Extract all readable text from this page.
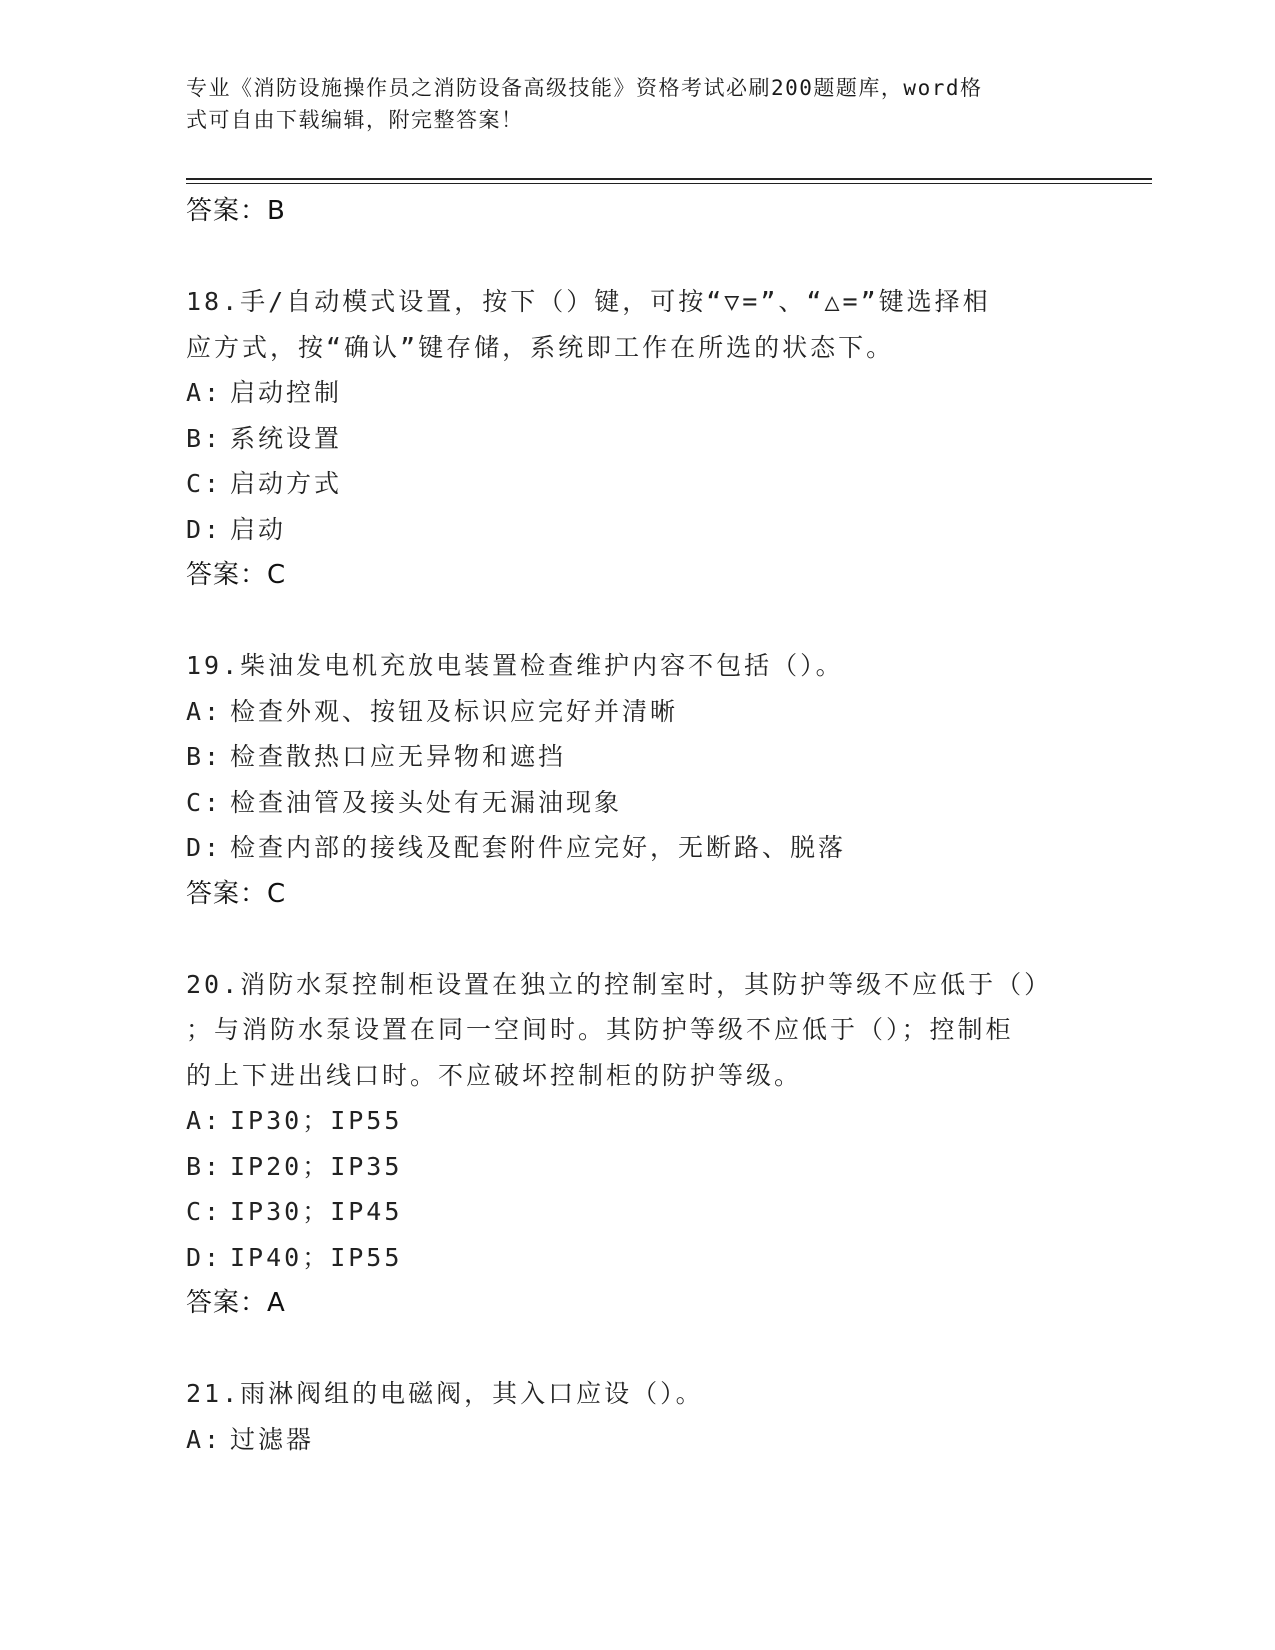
专业《消防设施操作员之消防设备高级技能》资格考试必刷200题题库，word格
式可自由下载编辑，附完整答案！
答案：B
18.手/自动模式设置，按下（）键，可按“▽=”、“△=”键选择相
应方式，按“确认”键存储，系统即工作在所选的状态下。
A: 启动控制
B: 系统设置
C: 启动方式
D: 启动
答案：C
19.柴油发电机充放电装置检查维护内容不包括（）。
A: 检查外观、按钮及标识应完好并清晰
B: 检查散热口应无异物和遮挡
C: 检查油管及接头处有无漏油现象
D: 检查内部的接线及配套附件应完好，无断路、脱落
答案：C
20.消防水泵控制柜设置在独立的控制室时，其防护等级不应低于（）
；与消防水泵设置在同一空间时。其防护等级不应低于（）；控制柜
的上下进出线口时。不应破坏控制柜的防护等级。
A: IP30；IP55
B: IP20；IP35
C: IP30；IP45
D: IP40；IP55
答案：A
21.雨淋阀组的电磁阀，其入口应设（）。
A: 过滤器
